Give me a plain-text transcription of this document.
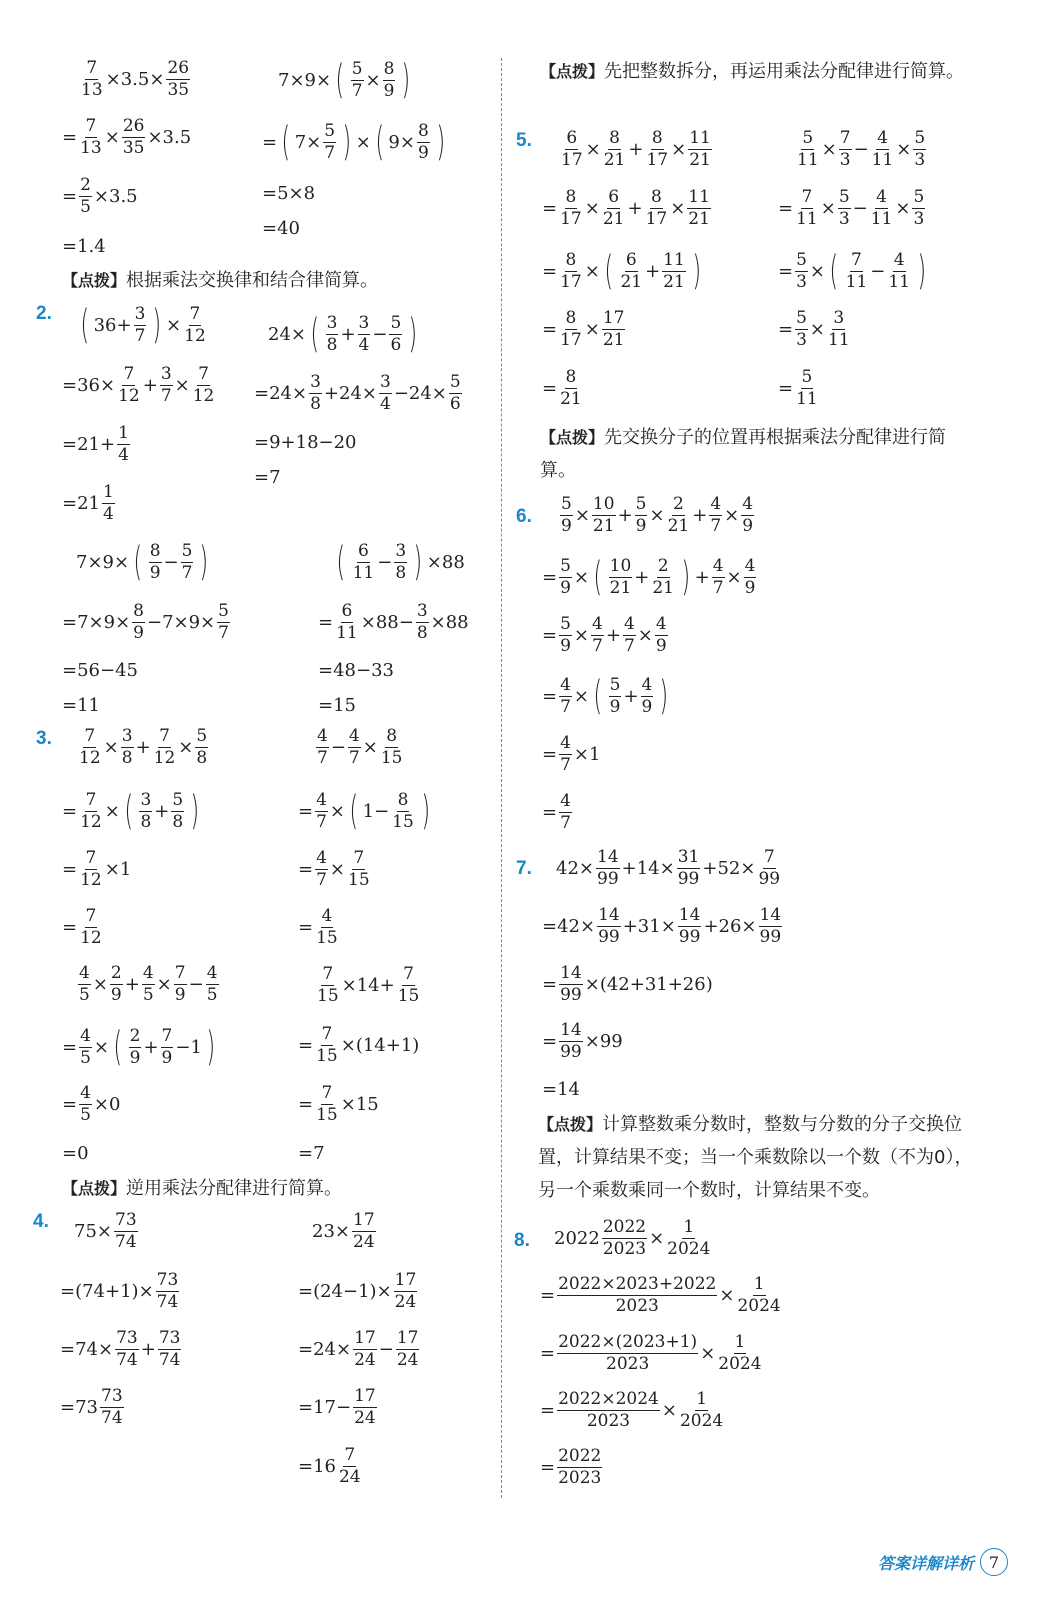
$\frac{7}{13} \times 3.5\times \frac{26}{35}$
= $\frac{7}{13} \times \frac{26}{35} \times 3.5$
= $\frac{2}{5} \times 3.5$
=1.4
7×9× ( $\frac{5}{7} \times \frac{8}{9}$ )
= ( $7\times \frac{5}{7}$ ) × ( $9\times \frac{8}{9}$ )
=5×8
=40
【点拨】根据乘法交换律和结合律简算。
2. ( $36+ \frac{3}{7}$ ) × $\frac{7}{12}$
$=36\times \frac{7}{12} + \frac{3}{7} \times \frac{7}{12}$
$=21+ \frac{1}{4}$
$=21 \frac{1}{4}$
24× ( $\frac{3}{8} + \frac{3}{4} - \frac{5}{6}$ )
$=24\times \frac{3}{8} +24\times \frac{3}{4} -24\times \frac{5}{6}$
=9+18−20
=7
7×9× ( $\frac{8}{9} - \frac{5}{7}$ )
$=7\times 9\times \frac{8}{9} -7\times 9\times \frac{5}{7}$
=56−45
=11
( $\frac{6}{11} - \frac{3}{8}$ ) ×88
= $\frac{6}{11} \times 88- \frac{3}{8} \times 88$
=48−33
=15
3. $\frac{7}{12} \times \frac{3}{8} + \frac{7}{12} \times \frac{5}{8}$
= $\frac{7}{12}$ × ( $\frac{3}{8} + \frac{5}{8}$ )
= $\frac{7}{12} \times 1$
= $\frac{7}{12}$
$\frac{4}{7} - \frac{4}{7} \times \frac{8}{15}$
= $\frac{4}{7}$ × ( $1- \frac{8}{15}$ )
= $\frac{4}{7} \times \frac{7}{15}$
= $\frac{4}{15}$
$\frac{4}{5} \times \frac{2}{9} + \frac{4}{5} \times \frac{7}{9} - \frac{4}{5}$
= $\frac{4}{5}$ × ( $\frac{2}{9} + \frac{7}{9} -1$ )
= $\frac{4}{5} \times 0$
=0
$\frac{7}{15} \times 14+ \frac{7}{15}$
= $\frac{7}{15} \times(14+1)$
= $\frac{7}{15} \times 15$
=7
【点拨】逆用乘法分配律进行简算。
4. $75\times \frac{73}{74}$
$=(74+1)\times \frac{73}{74}$
$=74\times \frac{73}{74} + \frac{73}{74}$
$=73 \frac{73}{74}$
$23\times \frac{17}{24}$
$=(24-1)\times \frac{17}{24}$
$=24\times \frac{17}{24} - \frac{17}{24}$
$=17- \frac{17}{24}$
$=16 \frac{7}{24}$
【点拨】先把整数拆分，再运用乘法分配律进行简算。
5. $\frac{6}{17} \times \frac{8}{21} + \frac{8}{17} \times \frac{11}{21}$
= $\frac{8}{17} \times \frac{6}{21} + \frac{8}{17} \times \frac{11}{21}$
= $\frac{8}{17}$ × ( $\frac{6}{21} + \frac{11}{21}$ )
= $\frac{8}{17} \times \frac{17}{21}$
= $\frac{8}{21}$
$\frac{5}{11} \times \frac{7}{3} - \frac{4}{11} \times \frac{5}{3}$
= $\frac{7}{11} \times \frac{5}{3} - \frac{4}{11} \times \frac{5}{3}$
= $\frac{5}{3}$ × ( $\frac{7}{11} - \frac{4}{11}$ )
= $\frac{5}{3} \times \frac{3}{11}$
= $\frac{5}{11}$
【点拨】先交换分子的位置再根据乘法分配律进行简算。
6. $\frac{5}{9} \times \frac{10}{21} + \frac{5}{9} \times \frac{2}{21} + \frac{4}{7} \times \frac{4}{9}$
= $\frac{5}{9}$ × ( $\frac{10}{21} + \frac{2}{21}$ ) + $\frac{4}{7} \times \frac{4}{9}$
= $\frac{5}{9} \times \frac{4}{7} + \frac{4}{7} \times \frac{4}{9}$
= $\frac{4}{7}$ × ( $\frac{5}{9} + \frac{4}{9}$ )
= $\frac{4}{7} \times 1$
= $\frac{4}{7}$
7. $42\times \frac{14}{99} +14\times \frac{31}{99} +52\times \frac{7}{99}$
$=42\times \frac{14}{99} +31\times \frac{14}{99} +26\times \frac{14}{99}$
= $\frac{14}{99} \times(42+31+26)$
= $\frac{14}{99} \times 99$
=14
【点拨】计算整数乘分数时，整数与分数的分子交换位置，计算结果不变；当一个乘数除以一个数（不为0），另一个乘数乘同一个数时，计算结果不变。
8. $2022 \frac{2022}{2023} \times \frac{1}{2024}$
= $\frac{2022\times 2023+2022}{2023} \times \frac{1}{2024}$
= $\frac{2022\times(2023+1)}{2023} \times \frac{1}{2024}$
= $\frac{2022\times 2024}{2023} \times \frac{1}{2024}$
= $\frac{2022}{2023}$
答案详解详析 7
